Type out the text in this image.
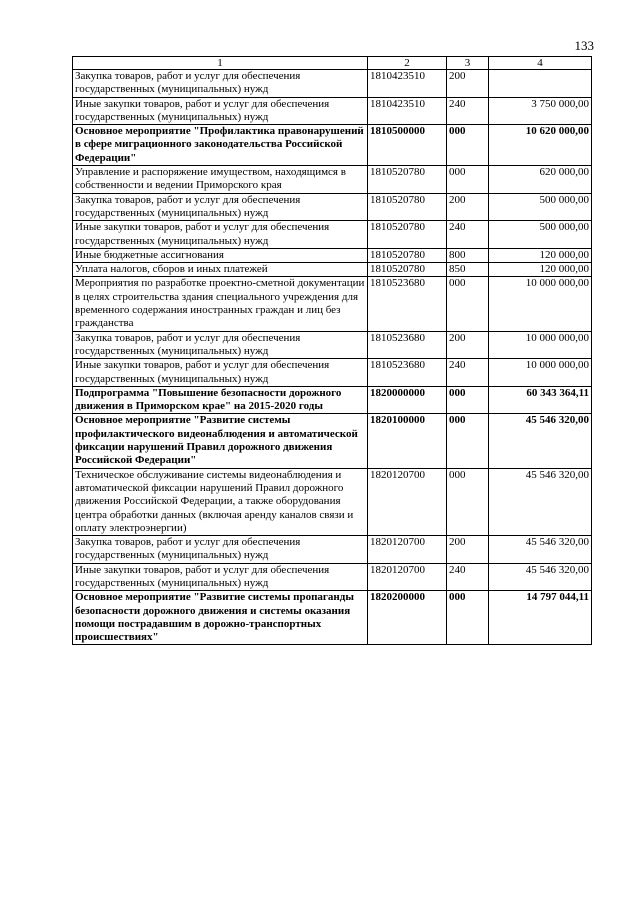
133
1	2	3	4
Закупка товаров, работ и услуг для обеспечения государственных (муниципальных) нужд	1810423510	200	
Иные закупки товаров, работ и услуг для обеспечения государственных (муниципальных) нужд	1810423510	240	3 750 000,00
Основное мероприятие "Профилактика правонарушений в сфере миграционного законодательства Российской Федерации"	1810500000	000	10 620 000,00
Управление и распоряжение имуществом, находящимся в собственности и ведении Приморского края	1810520780	000	620 000,00
Закупка товаров, работ и услуг для обеспечения государственных (муниципальных) нужд	1810520780	200	500 000,00
Иные закупки товаров, работ и услуг для обеспечения государственных (муниципальных) нужд	1810520780	240	500 000,00
Иные бюджетные ассигнования	1810520780	800	120 000,00
Уплата налогов, сборов и иных платежей	1810520780	850	120 000,00
Мероприятия по разработке проектно-сметной документации в целях строительства здания специального учреждения для временного содержания иностранных граждан и лиц без гражданства	1810523680	000	10 000 000,00
Закупка товаров, работ и услуг для обеспечения государственных (муниципальных) нужд	1810523680	200	10 000 000,00
Иные закупки товаров, работ и услуг для обеспечения государственных (муниципальных) нужд	1810523680	240	10 000 000,00
Подпрограмма "Повышение безопасности дорожного движения в Приморском крае" на 2015-2020 годы	1820000000	000	60 343 364,11
Основное мероприятие "Развитие системы профилактического видеонаблюдения и автоматической фиксации нарушений Правил дорожного движения Российской Федерации"	1820100000	000	45 546 320,00
Техническое обслуживание системы видеонаблюдения и автоматической фиксации нарушений Правил дорожного движения Российской Федерации, а также оборудования центра обработки данных (включая аренду каналов связи и оплату электроэнергии)	1820120700	000	45 546 320,00
Закупка товаров, работ и услуг для обеспечения государственных (муниципальных) нужд	1820120700	200	45 546 320,00
Иные закупки товаров, работ и услуг для обеспечения государственных (муниципальных) нужд	1820120700	240	45 546 320,00
Основное мероприятие "Развитие системы пропаганды безопасности дорожного движения и системы оказания помощи пострадавшим в дорожно-транспортных происшествиях"	1820200000	000	14 797 044,11
